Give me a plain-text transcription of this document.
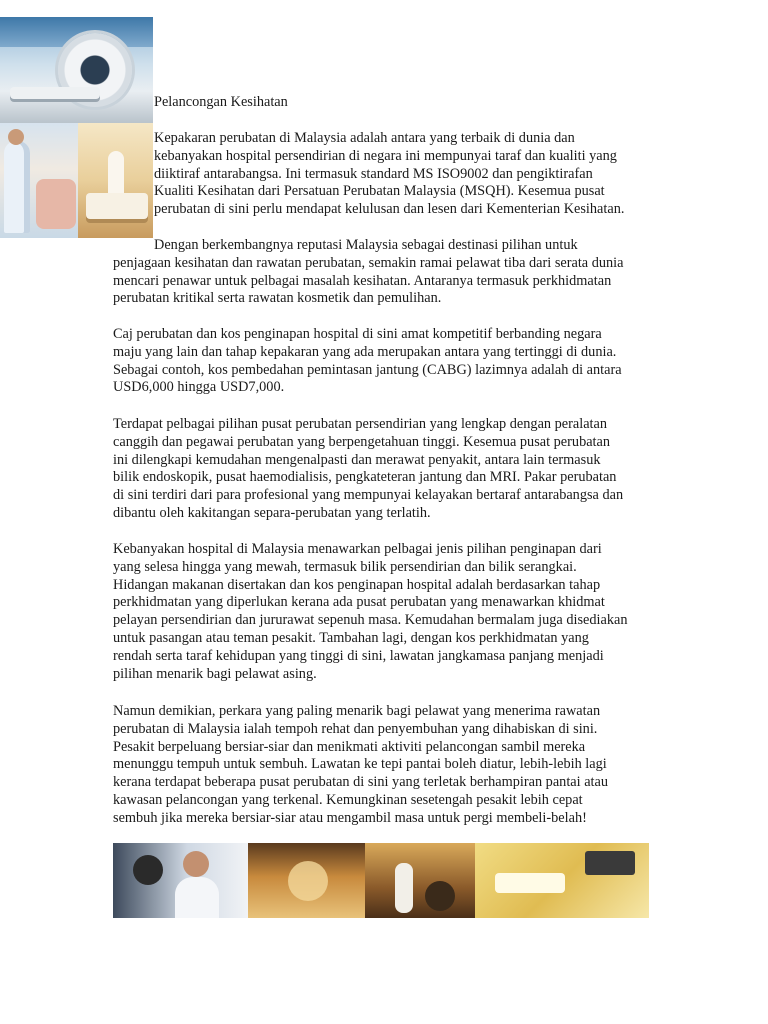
Pelancongan Kesihatan
Kepakaran perubatan di Malaysia adalah antara yang terbaik di dunia dan
kebanyakan hospital persendirian di negara ini mempunyai taraf dan kualiti yang
diiktiraf antarabangsa. Ini termasuk standard MS ISO9002 dan pengiktirafan
Kualiti Kesihatan dari Persatuan Perubatan Malaysia (MSQH). Kesemua pusat
perubatan di sini perlu mendapat kelulusan dan lesen dari Kementerian Kesihatan.
Dengan berkembangnya reputasi Malaysia sebagai destinasi pilihan untuk
penjagaan kesihatan dan rawatan perubatan, semakin ramai pelawat tiba dari serata dunia
mencari penawar untuk pelbagai masalah kesihatan. Antaranya termasuk perkhidmatan
perubatan kritikal serta rawatan kosmetik dan pemulihan.
Caj perubatan dan kos penginapan hospital di sini amat kompetitif berbanding negara
maju yang lain dan tahap kepakaran yang ada merupakan antara yang tertinggi di dunia.
Sebagai contoh, kos pembedahan pemintasan jantung (CABG) lazimnya adalah di antara
USD6,000 hingga USD7,000.
Terdapat pelbagai pilihan pusat perubatan persendirian yang lengkap dengan peralatan
canggih dan pegawai perubatan yang berpengetahuan tinggi. Kesemua pusat perubatan
ini dilengkapi kemudahan mengenalpasti dan merawat penyakit, antara lain termasuk
bilik endoskopik, pusat haemodialisis, pengkateteran jantung dan MRI. Pakar perubatan
di sini terdiri dari para profesional yang mempunyai kelayakan bertaraf antarabangsa dan
dibantu oleh kakitangan separa-perubatan yang terlatih.
Kebanyakan hospital di Malaysia menawarkan pelbagai jenis pilihan penginapan dari
yang selesa hingga yang mewah, termasuk bilik persendirian dan bilik serangkai.
Hidangan makanan disertakan dan kos penginapan hospital adalah berdasarkan tahap
perkhidmatan yang diperlukan kerana ada pusat perubatan yang menawarkan khidmat
pelayan persendirian dan jururawat sepenuh masa. Kemudahan bermalam juga disediakan
untuk pasangan atau teman pesakit. Tambahan lagi, dengan kos perkhidmatan yang
rendah serta taraf kehidupan yang tinggi di sini, lawatan jangkamasa panjang menjadi
pilihan menarik bagi pelawat asing.
Namun demikian, perkara yang paling menarik bagi pelawat yang menerima rawatan
perubatan di Malaysia ialah tempoh rehat dan penyembuhan yang dihabiskan di sini.
Pesakit berpeluang bersiar-siar dan menikmati aktiviti pelancongan sambil mereka
menunggu tempuh untuk sembuh. Lawatan ke tepi pantai boleh diatur, lebih-lebih lagi
kerana terdapat beberapa pusat perubatan di sini yang terletak berhampiran pantai atau
kawasan pelancongan yang terkenal. Kemungkinan sesetengah pesakit lebih cepat
sembuh jika mereka bersiar-siar atau mengambil masa untuk pergi membeli-belah!
